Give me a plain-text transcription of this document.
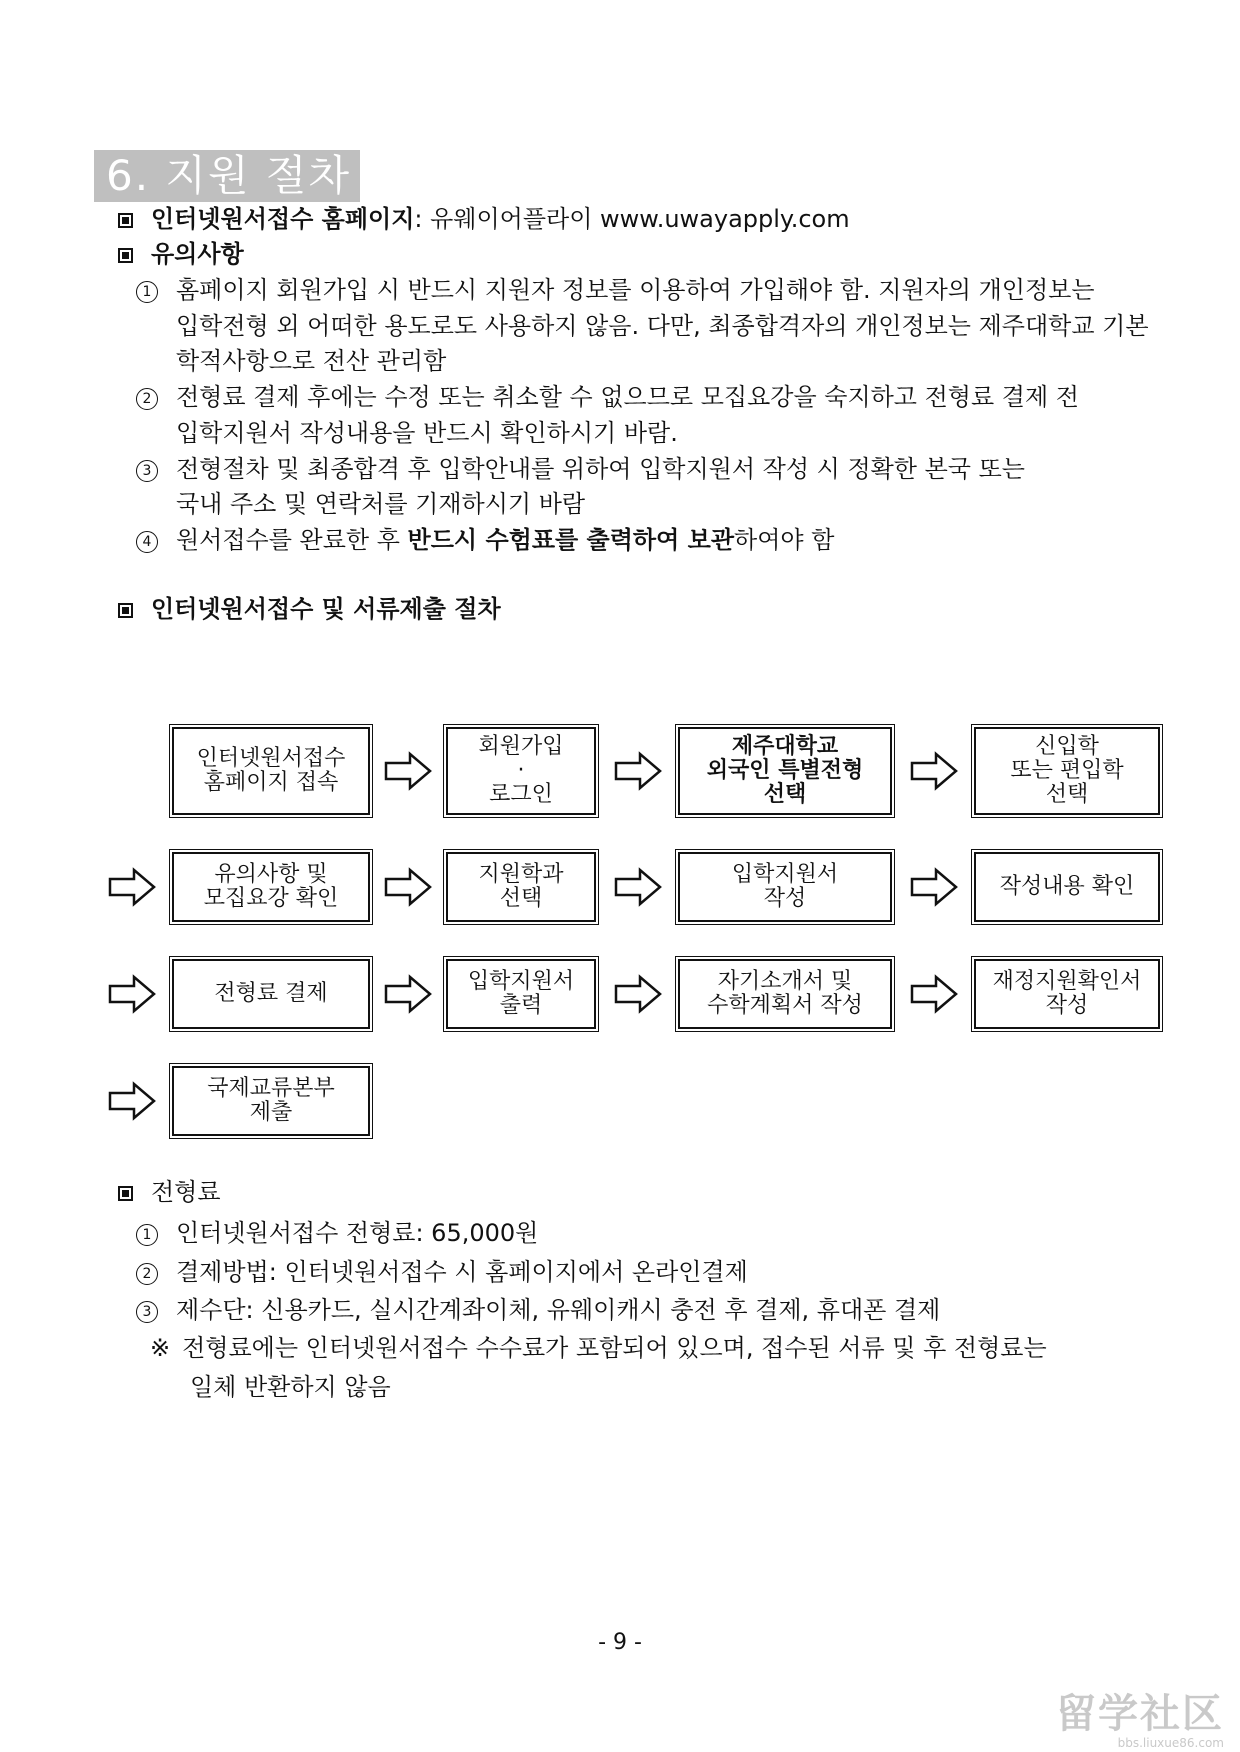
6. 지원 절차
인터넷원서접수 홈페이지: 유웨이어플라이 www.uwayapply.com
유의사항
1 홈페이지 회원가입 시 반드시 지원자 정보를 이용하여 가입해야 함. 지원자의 개인정보는
입학전형 외 어떠한 용도로도 사용하지 않음. 다만, 최종합격자의 개인정보는 제주대학교 기본
학적사항으로 전산 관리함
2 전형료 결제 후에는 수정 또는 취소할 수 없으므로 모집요강을 숙지하고 전형료 결제 전
입학지원서 작성내용을 반드시 확인하시기 바람.
3 전형절차 및 최종합격 후 입학안내를 위하여 입학지원서 작성 시 정확한 본국 또는
국내 주소 및 연락처를 기재하시기 바람
4 원서접수를 완료한 후 반드시 수험표를 출력하여 보관하여야 함
인터넷원서접수 및 서류제출 절차
인터넷원서접수
홈페이지 접속
회원가입
·
로그인
제주대학교
외국인 특별전형
선택
신입학
또는 편입학
선택
유의사항 및
모집요강 확인
지원학과
선택
입학지원서
작성	작성내용 확인
전형료 결제	입학지원서
출력
자기소개서 및
수학계획서 작성
재정지원확인서
작성
국제교류본부
제출
전형료
1 인터넷원서접수 전형료: 65,000원
2 결제방법: 인터넷원서접수 시 홈페이지에서 온라인결제
3 제수단: 신용카드, 실시간계좌이체, 유웨이캐시 충전 후 결제, 휴대폰 결제
※ 전형료에는 인터넷원서접수 수수료가 포함되어 있으며, 접수된 서류 및 후 전형료는
일체 반환하지 않음
- 9 -
留学社区
bbs.liuxue86.com
